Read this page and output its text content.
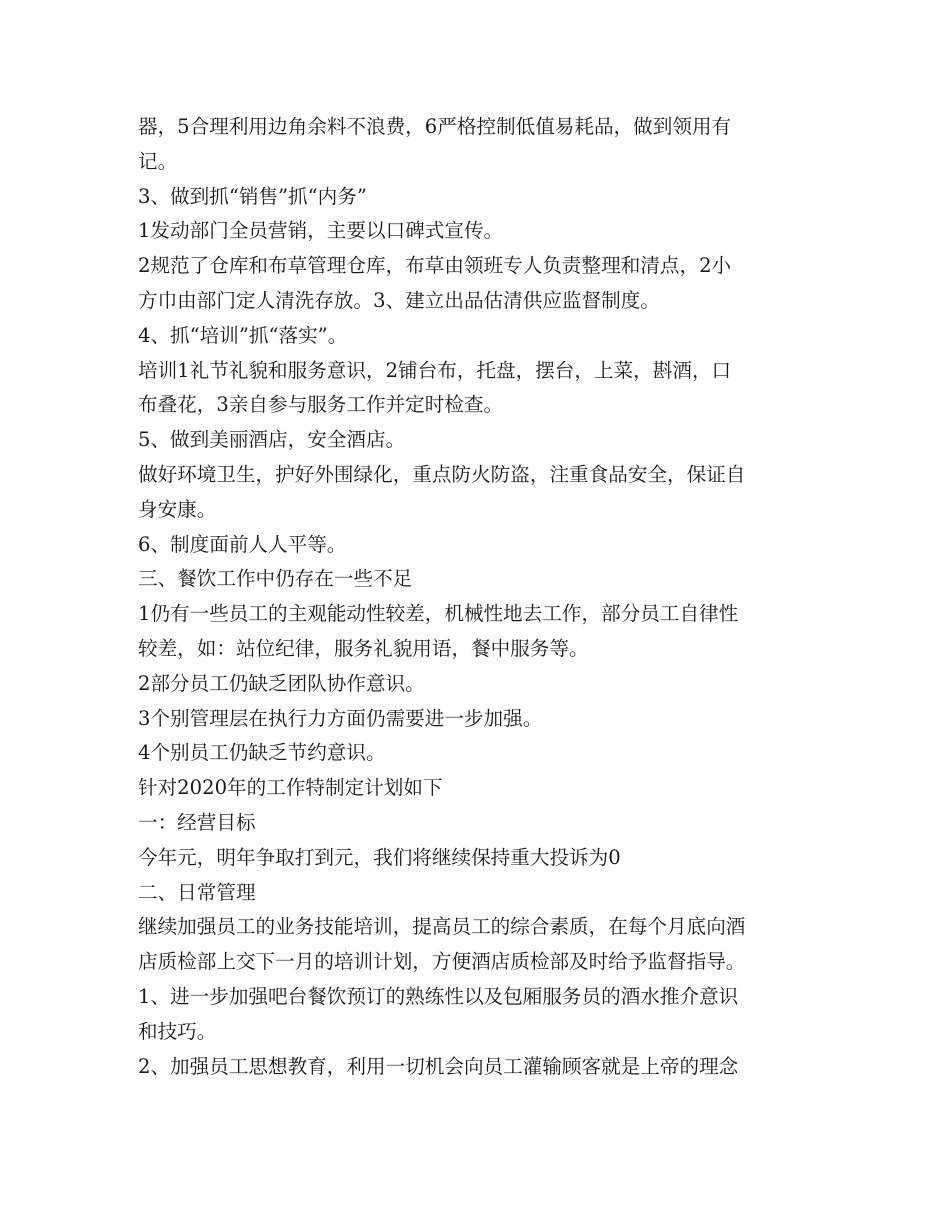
器，5合理利用边角余料不浪费，6严格控制低值易耗品，做到领用有

记。

3、做到抓“销售”抓“内务”

1发动部门全员营销，主要以口碑式宣传。

2规范了仓库和布草管理仓库，布草由领班专人负责整理和清点，2小

方巾由部门定人清洗存放。3、建立出品估清供应监督制度。

4、抓“培训”抓“落实”。

培训1礼节礼貌和服务意识，2铺台布，托盘，摆台，上菜，斟酒，口

布叠花，3亲自参与服务工作并定时检查。

5、做到美丽酒店，安全酒店。

做好环境卫生，护好外围绿化，重点防火防盗，注重食品安全，保证自

身安康。

6、制度面前人人平等。

三、餐饮工作中仍存在一些不足

1仍有一些员工的主观能动性较差，机械性地去工作，部分员工自律性

较差，如：站位纪律，服务礼貌用语，餐中服务等。

2部分员工仍缺乏团队协作意识。

3个别管理层在执行力方面仍需要进一步加强。

4个别员工仍缺乏节约意识。

针对2020年的工作特制定计划如下

一：经营目标

今年元，明年争取打到元，我们将继续保持重大投诉为0

二、日常管理

继续加强员工的业务技能培训，提高员工的综合素质，在每个月底向酒

店质检部上交下一月的培训计划，方便酒店质检部及时给予监督指导。

1、进一步加强吧台餐饮预订的熟练性以及包厢服务员的酒水推介意识

和技巧。

2、加强员工思想教育，利用一切机会向员工灌输顾客就是上帝的理念
